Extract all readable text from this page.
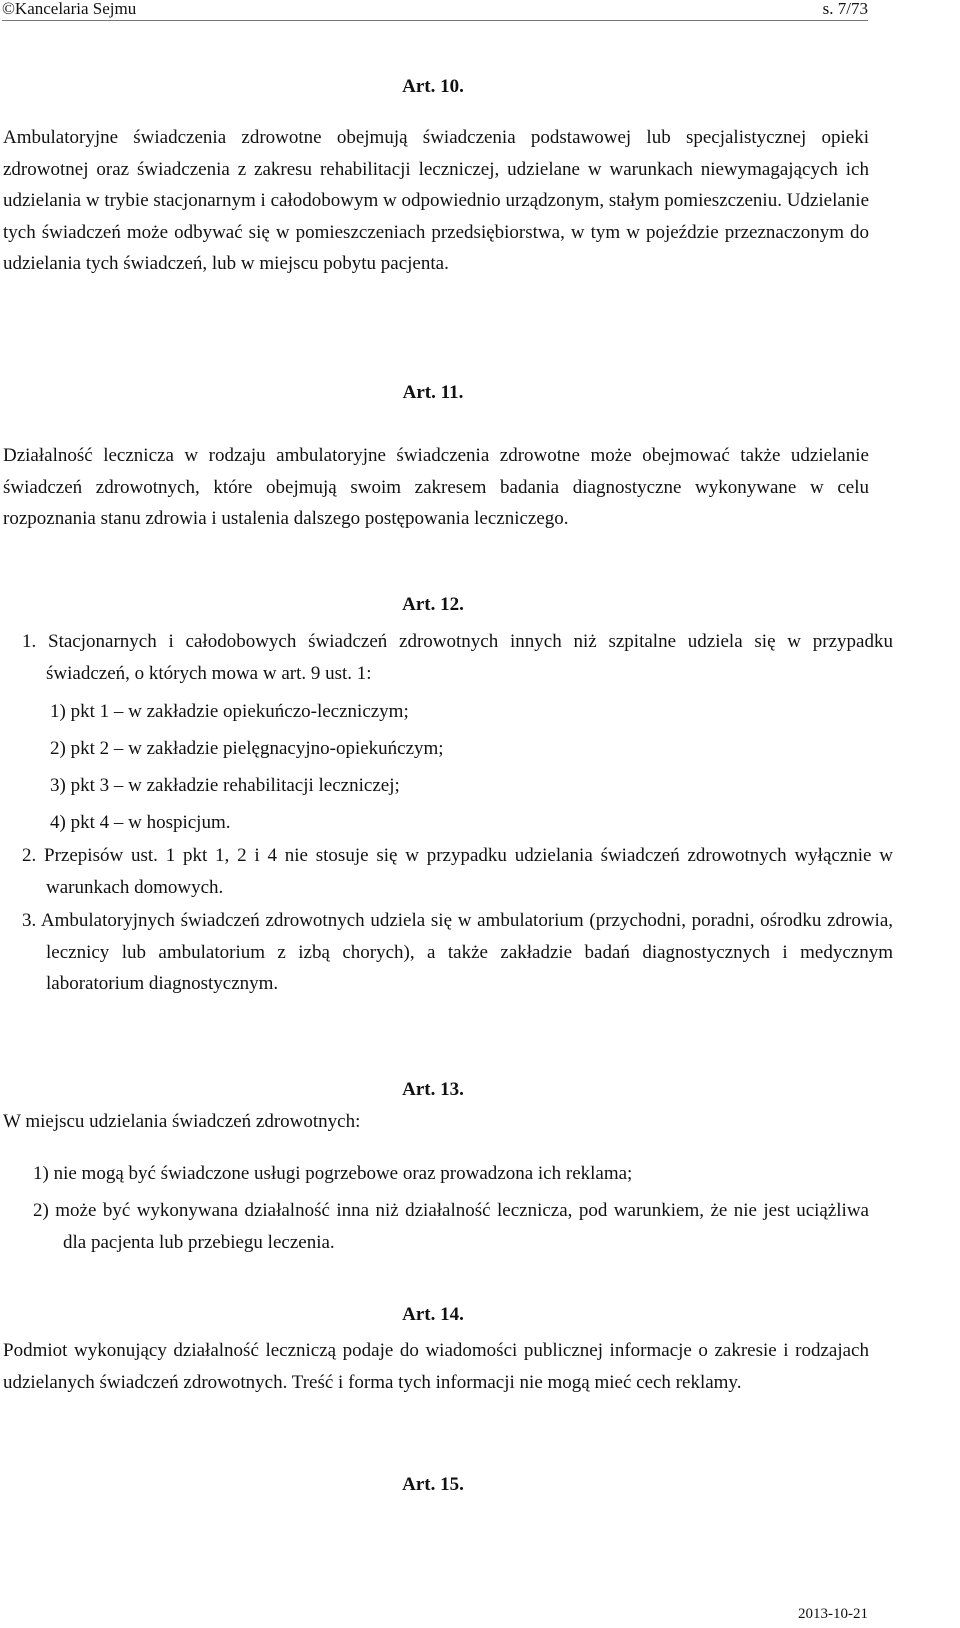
©Kancelaria Sejmu	s. 7/73
Art. 10.

Ambulatoryjne świadczenia zdrowotne obejmują świadczenia podstawowej lub specjalistycznej opieki zdrowotnej oraz świadczenia z zakresu rehabilitacji leczniczej, udzielane w warunkach niewymagających ich udzielania w trybie stacjonarnym i całodobowym w odpowiednio urządzonym, stałym pomieszczeniu. Udzielanie tych świadczeń może odbywać się w pomieszczeniach przedsiębiorstwa, w tym w pojeździe przeznaczonym do udzielania tych świadczeń, lub w miejscu pobytu pacjenta.

Art. 11.

Działalność lecznicza w rodzaju ambulatoryjne świadczenia zdrowotne może obejmować także udzielanie świadczeń zdrowotnych, które obejmują swoim zakresem badania diagnostyczne wykonywane w celu rozpoznania stanu zdrowia i ustalenia dalszego postępowania leczniczego.

Art. 12.
1. Stacjonarnych i całodobowych świadczeń zdrowotnych innych niż szpitalne udziela się w przypadku świadczeń, o których mowa w art. 9 ust. 1:
1) pkt 1 – w zakładzie opiekuńczo-leczniczym;
2) pkt 2 – w zakładzie pielęgnacyjno-opiekuńczym;
3) pkt 3 – w zakładzie rehabilitacji leczniczej;
4) pkt 4 – w hospicjum.
2. Przepisów ust. 1 pkt 1, 2 i 4 nie stosuje się w przypadku udzielania świadczeń zdrowotnych wyłącznie w warunkach domowych.
3. Ambulatoryjnych świadczeń zdrowotnych udziela się w ambulatorium (przychodni, poradni, ośrodku zdrowia, lecznicy lub ambulatorium z izbą chorych), a także zakładzie badań diagnostycznych i medycznym laboratorium diagnostycznym.
Art. 13.
W miejscu udzielania świadczeń zdrowotnych:
1) nie mogą być świadczone usługi pogrzebowe oraz prowadzona ich reklama;
2) może być wykonywana działalność inna niż działalność lecznicza, pod warunkiem, że nie jest uciążliwa dla pacjenta lub przebiegu leczenia.
Art. 14.

Podmiot wykonujący działalność leczniczą podaje do wiadomości publicznej informacje o zakresie i rodzajach udzielanych świadczeń zdrowotnych. Treść i forma tych informacji nie mogą mieć cech reklamy.

Art. 15.
2013-10-21
